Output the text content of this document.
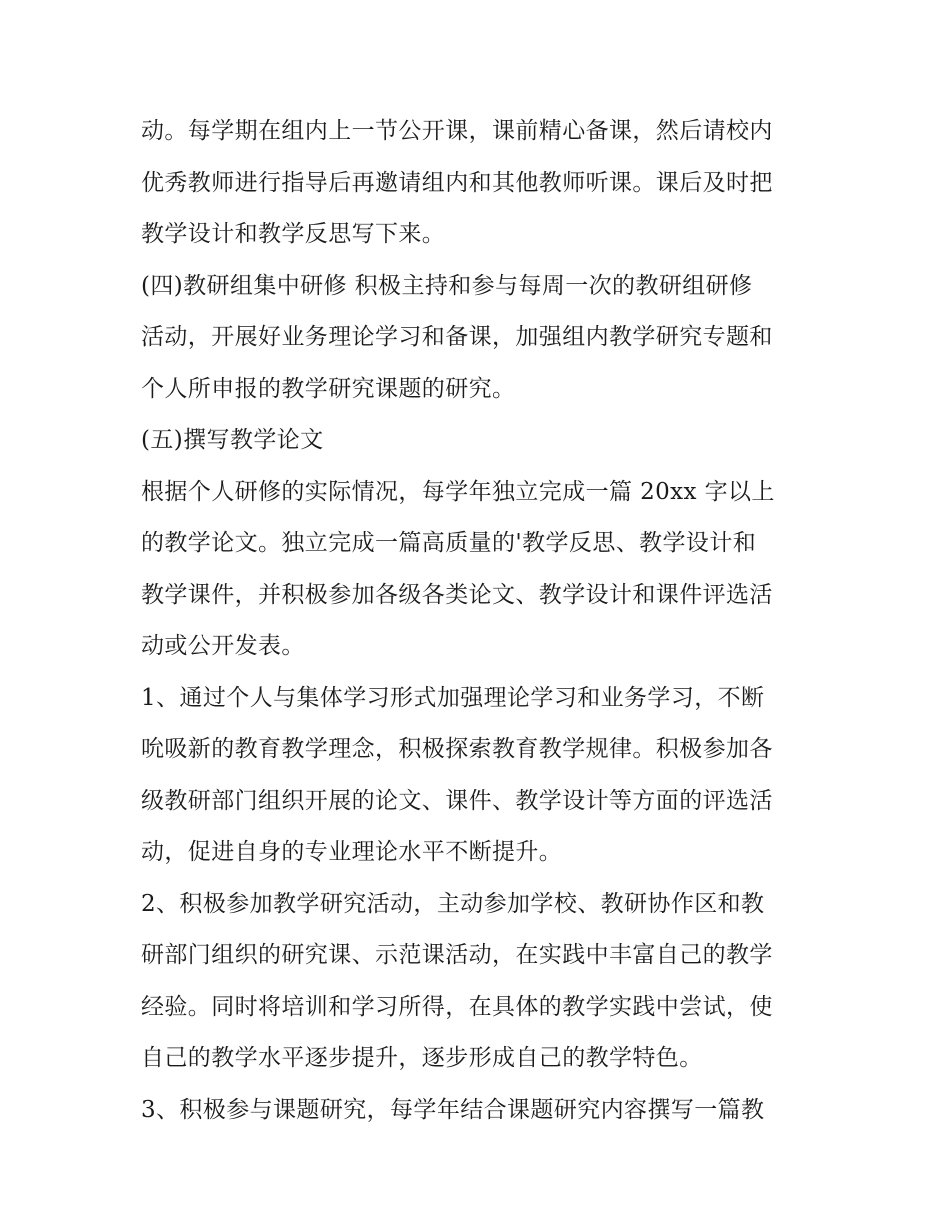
动。每学期在组内上一节公开课，课前精心备课，然后请校内
优秀教师进行指导后再邀请组内和其他教师听课。课后及时把
教学设计和教学反思写下来。
(四)教研组集中研修 积极主持和参与每周一次的教研组研修
活动，开展好业务理论学习和备课，加强组内教学研究专题和
个人所申报的教学研究课题的研究。
(五)撰写教学论文
根据个人研修的实际情况，每学年独立完成一篇 20xx 字以上
的教学论文。独立完成一篇高质量的'教学反思、教学设计和
教学课件，并积极参加各级各类论文、教学设计和课件评选活
动或公开发表。
1、通过个人与集体学习形式加强理论学习和业务学习，不断
吮吸新的教育教学理念，积极探索教育教学规律。积极参加各
级教研部门组织开展的论文、课件、教学设计等方面的评选活
动，促进自身的专业理论水平不断提升。
2、积极参加教学研究活动，主动参加学校、教研协作区和教
研部门组织的研究课、示范课活动，在实践中丰富自己的教学
经验。同时将培训和学习所得，在具体的教学实践中尝试，使
自己的教学水平逐步提升，逐步形成自己的教学特色。
3、积极参与课题研究，每学年结合课题研究内容撰写一篇教
